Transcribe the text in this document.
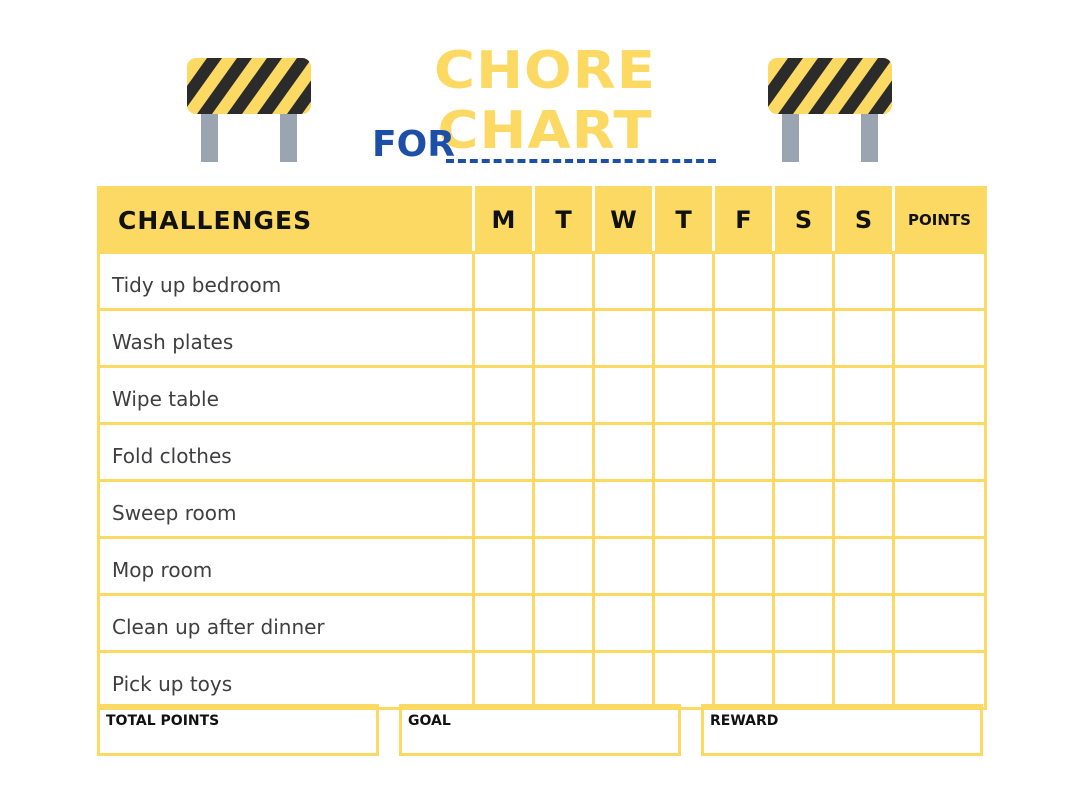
CHORE CHART
FOR
CHALLENGES	M	T	W	T	F	S	S	POINTS
Tidy up bedroom								
Wash plates								
Wipe table								
Fold clothes								
Sweep room								
Mop room								
Clean up after dinner								
Pick up toys								
TOTAL POINTS	GOAL	REWARD
